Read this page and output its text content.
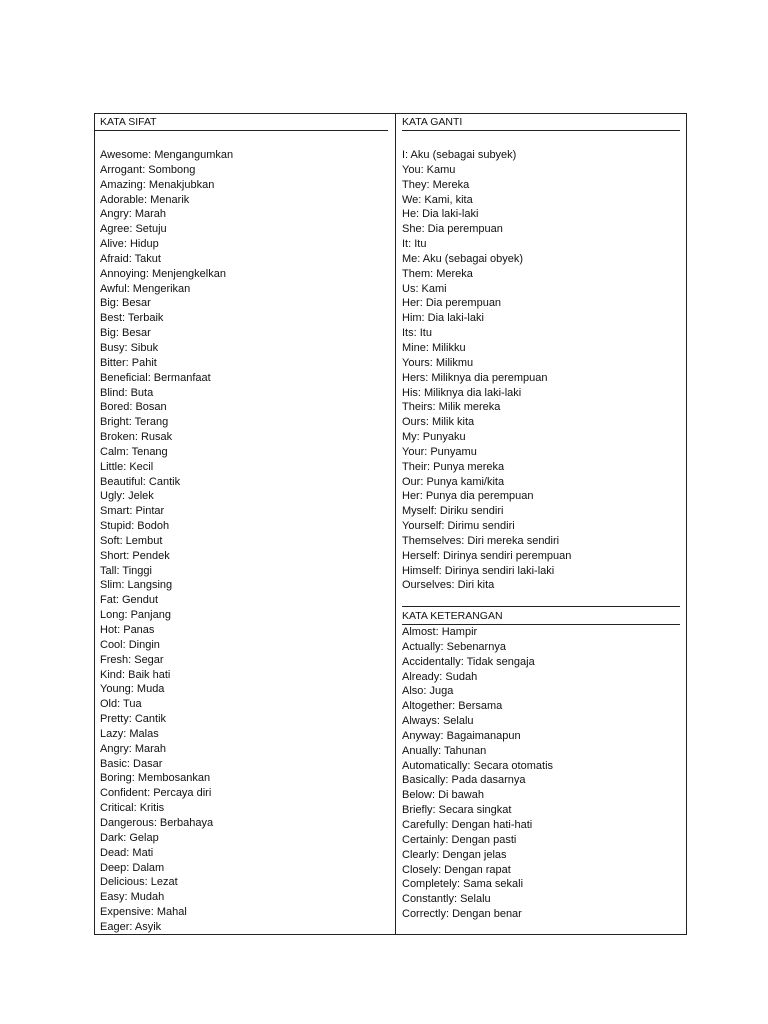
KATA SIFAT
Awesome: Mengangumkan
Arrogant: Sombong
Amazing: Menakjubkan
Adorable: Menarik
Angry: Marah
Agree: Setuju
Alive: Hidup
Afraid: Takut
Annoying: Menjengkelkan
Awful: Mengerikan
Big: Besar
Best: Terbaik
Big: Besar
Busy: Sibuk
Bitter: Pahit
Beneficial: Bermanfaat
Blind: Buta
Bored: Bosan
Bright: Terang
Broken: Rusak
Calm: Tenang
Little: Kecil
Beautiful: Cantik
Ugly: Jelek
Smart: Pintar
Stupid: Bodoh
Soft: Lembut
Short: Pendek
Tall: Tinggi
Slim: Langsing
Fat: Gendut
Long: Panjang
Hot: Panas
Cool: Dingin
Fresh: Segar
Kind: Baik hati
Young: Muda
Old: Tua
Pretty: Cantik
Lazy: Malas
Angry: Marah
Basic: Dasar
Boring: Membosankan
Confident: Percaya diri
Critical: Kritis
Dangerous: Berbahaya
Dark: Gelap
Dead: Mati
Deep: Dalam
Delicious: Lezat
Easy: Mudah
Expensive: Mahal
Eager: Asyik
KATA GANTI
I: Aku (sebagai subyek)
You: Kamu
They: Mereka
We: Kami, kita
He: Dia laki-laki
She: Dia perempuan
It: Itu
Me: Aku (sebagai obyek)
Them: Mereka
Us: Kami
Her: Dia perempuan
Him: Dia laki-laki
Its: Itu
Mine: Milikku
Yours: Milikmu
Hers: Miliknya dia perempuan
His: Miliknya dia laki-laki
Theirs: Milik mereka
Ours: Milik kita
My: Punyaku
Your: Punyamu
Their: Punya mereka
Our: Punya kami/kita
Her: Punya dia perempuan
Myself: Diriku sendiri
Yourself: Dirimu sendiri
Themselves: Diri mereka sendiri
Herself: Dirinya sendiri perempuan
Himself: Dirinya sendiri laki-laki
Ourselves: Diri kita
KATA KETERANGAN
Almost: Hampir
Actually: Sebenarnya
Accidentally: Tidak sengaja
Already: Sudah
Also: Juga
Altogether: Bersama
Always: Selalu
Anyway: Bagaimanapun
Anually: Tahunan
Automatically: Secara otomatis
Basically: Pada dasarnya
Below: Di bawah
Briefly: Secara singkat
Carefully: Dengan hati-hati
Certainly: Dengan pasti
Clearly: Dengan jelas
Closely: Dengan rapat
Completely: Sama sekali
Constantly: Selalu
Correctly: Dengan benar
